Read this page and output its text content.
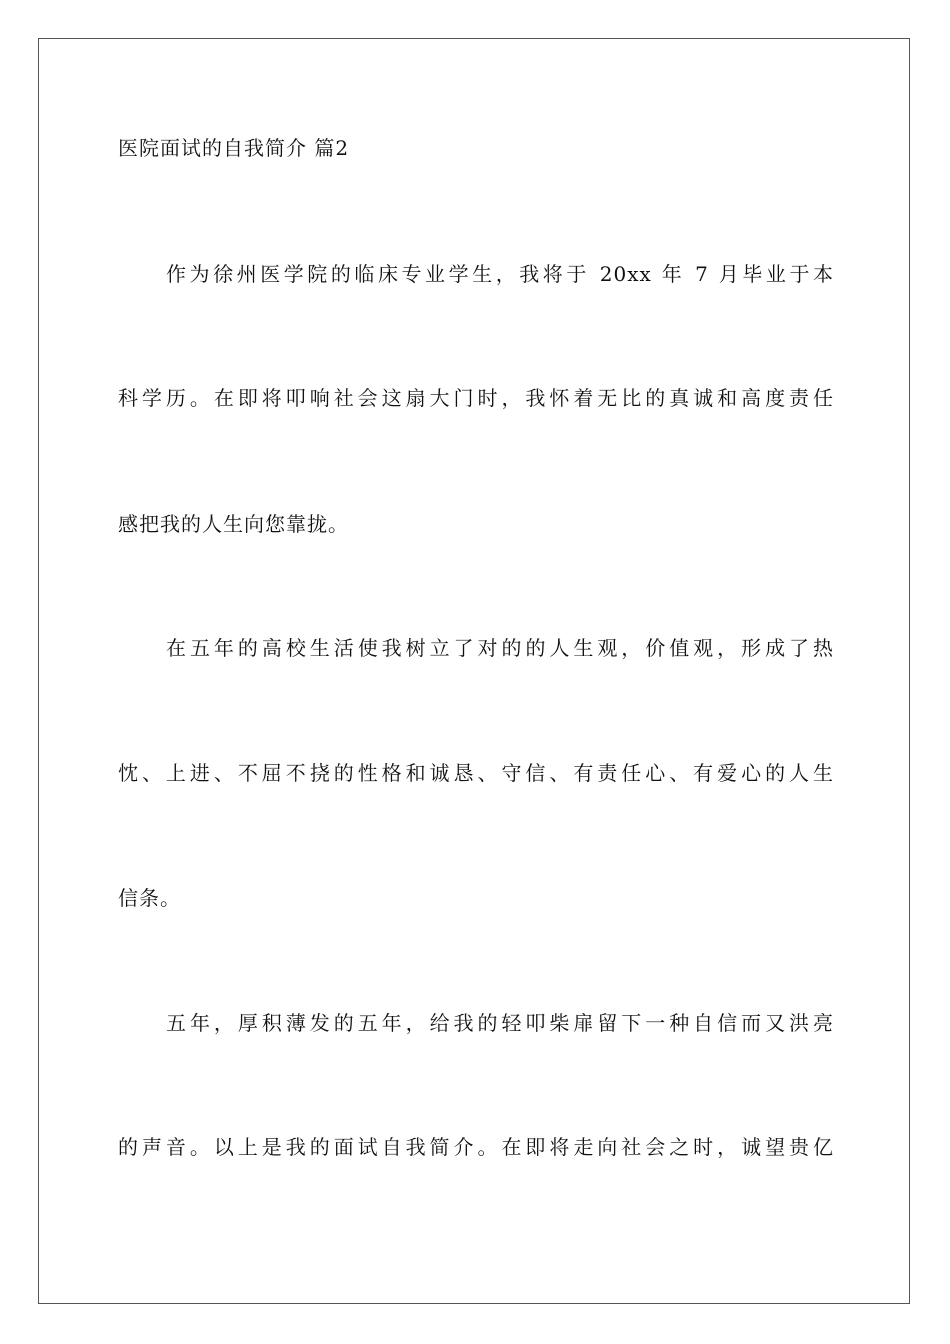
医院面试的自我简介 篇2
作为徐州医学院的临床专业学生，我将于 20xx 年 7 月毕业于本
科学历。在即将叩响社会这扇大门时，我怀着无比的真诚和高度责任
感把我的人生向您靠拢。
在五年的高校生活使我树立了对的的人生观，价值观，形成了热
忱、上进、不屈不挠的性格和诚恳、守信、有责任心、有爱心的人生
信条。
五年，厚积薄发的五年，给我的轻叩柴扉留下一种自信而又洪亮
的声音。以上是我的面试自我简介。在即将走向社会之时，诚望贵亿
